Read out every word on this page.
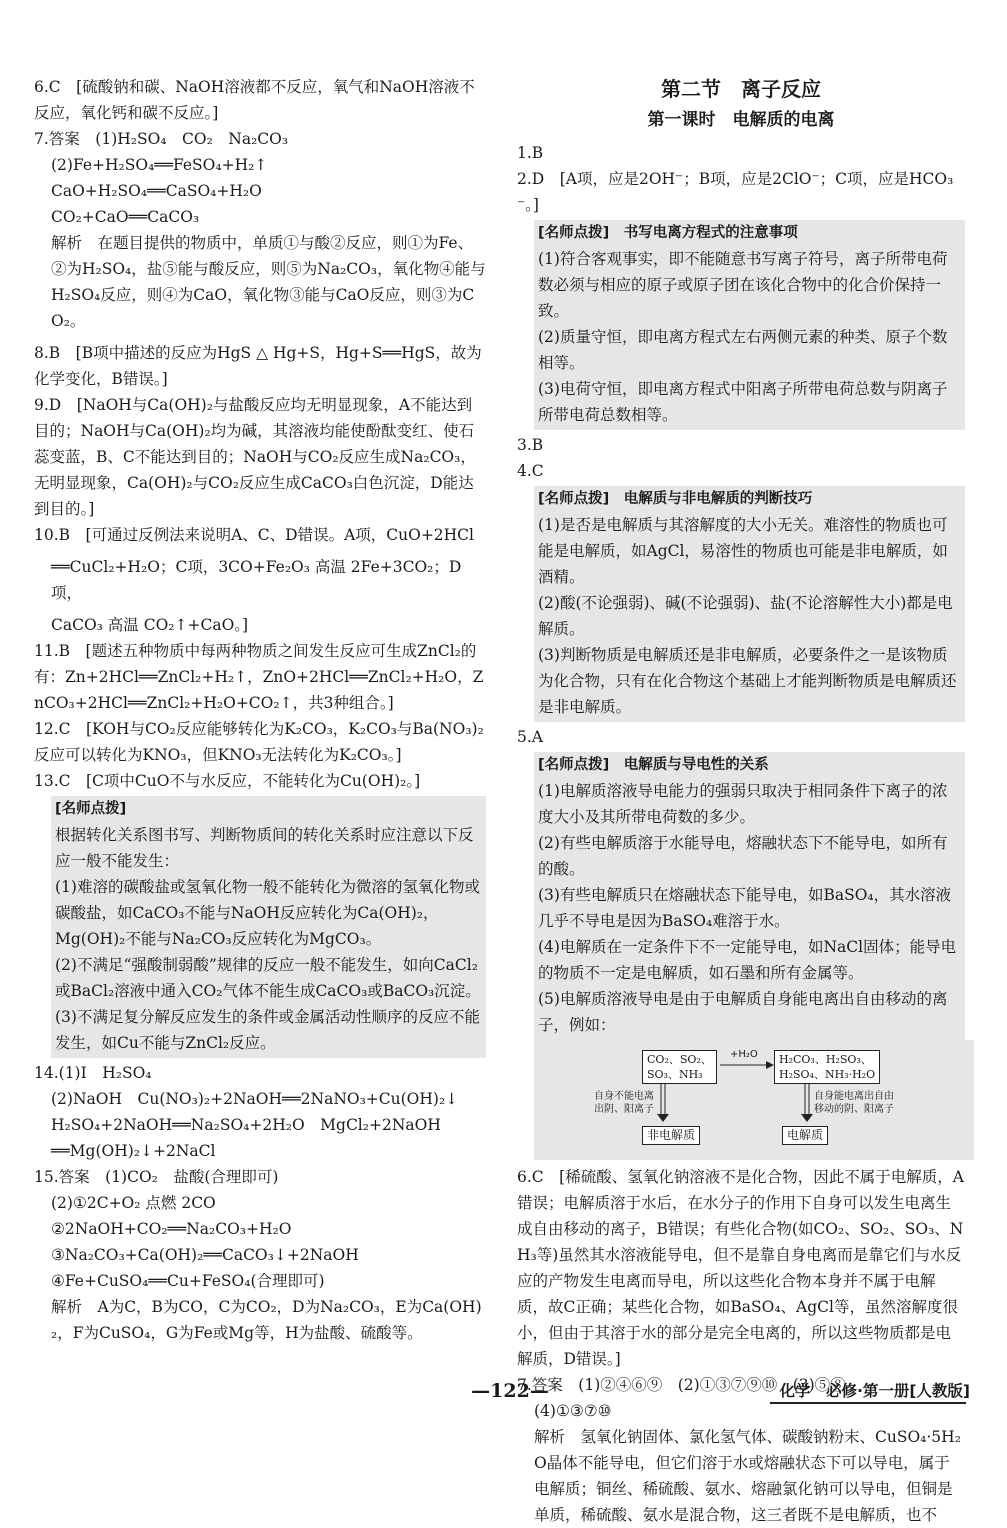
6.C　[硫酸钠和碳、NaOH溶液都不反应，氧气和NaOH溶液不反应，氧化钙和碳不反应。]

7.答案　(1)H₂SO₄　CO₂　Na₂CO₃

(2)Fe+H₂SO₄══FeSO₄+H₂↑

CaO+H₂SO₄══CaSO₄+H₂O

CO₂+CaO══CaCO₃

解析　在题目提供的物质中，单质①与酸②反应，则①为Fe、②为H₂SO₄，盐⑤能与酸反应，则⑤为Na₂CO₃，氧化物④能与H₂SO₄反应，则④为CaO，氧化物③能与CaO反应，则③为CO₂。

8.B　[B项中描述的反应为HgS △ Hg+S，Hg+S══HgS，故为化学变化，B错误。]

9.D　[NaOH与Ca(OH)₂与盐酸反应均无明显现象，A不能达到目的；NaOH与Ca(OH)₂均为碱，其溶液均能使酚酞变红、使石蕊变蓝，B、C不能达到目的；NaOH与CO₂反应生成Na₂CO₃，无明显现象，Ca(OH)₂与CO₂反应生成CaCO₃白色沉淀，D能达到目的。]

10.B　[可通过反例法来说明A、C、D错误。A项，CuO+2HCl

══CuCl₂+H₂O；C项，3CO+Fe₂O₃ 高温 2Fe+3CO₂；D项，

CaCO₃ 高温 CO₂↑+CaO。]

11.B　[题述五种物质中每两种物质之间发生反应可生成ZnCl₂的有：Zn+2HCl══ZnCl₂+H₂↑，ZnO+2HCl══ZnCl₂+H₂O，ZnCO₃+2HCl══ZnCl₂+H₂O+CO₂↑，共3种组合。]

12.C　[KOH与CO₂反应能够转化为K₂CO₃，K₂CO₃与Ba(NO₃)₂反应可以转化为KNO₃，但KNO₃无法转化为K₂CO₃。]

13.C　[C项中CuO不与水反应，不能转化为Cu(OH)₂。]

[名师点拨]
根据转化关系图书写、判断物质间的转化关系时应注意以下反应一般不能发生：
(1)难溶的碳酸盐或氢氧化物一般不能转化为微溶的氢氧化物或碳酸盐，如CaCO₃不能与NaOH反应转化为Ca(OH)₂，Mg(OH)₂不能与Na₂CO₃反应转化为MgCO₃。
(2)不满足“强酸制弱酸”规律的反应一般不能发生，如向CaCl₂或BaCl₂溶液中通入CO₂气体不能生成CaCO₃或BaCO₃沉淀。
(3)不满足复分解反应发生的条件或金属活动性顺序的反应不能发生，如Cu不能与ZnCl₂反应。

14.(1)Ⅰ　H₂SO₄

(2)NaOH　Cu(NO₃)₂+2NaOH══2NaNO₃+Cu(OH)₂↓

H₂SO₄+2NaOH══Na₂SO₄+2H₂O　MgCl₂+2NaOH

══Mg(OH)₂↓+2NaCl

15.答案　(1)CO₂　盐酸(合理即可)

(2)①2C+O₂ 点燃 2CO

②2NaOH+CO₂══Na₂CO₃+H₂O

③Na₂CO₃+Ca(OH)₂══CaCO₃↓+2NaOH

④Fe+CuSO₄══Cu+FeSO₄(合理即可)

解析　A为C，B为CO，C为CO₂，D为Na₂CO₃，E为Ca(OH)₂，F为CuSO₄，G为Fe或Mg等，H为盐酸、硫酸等。

第二节　离子反应
第一课时　电解质的电离

1.B

2.D　[A项，应是2OH⁻；B项，应是2ClO⁻；C项，应是HCO₃⁻。]

[名师点拨]　书写电离方程式的注意事项
(1)符合客观事实，即不能随意书写离子符号，离子所带电荷数必须与相应的原子或原子团在该化合物中的化合价保持一致。
(2)质量守恒，即电离方程式左右两侧元素的种类、原子个数相等。
(3)电荷守恒，即电离方程式中阳离子所带电荷总数与阴离子所带电荷总数相等。

3.B

4.C

[名师点拨]　电解质与非电解质的判断技巧
(1)是否是电解质与其溶解度的大小无关。难溶性的物质也可能是电解质，如AgCl，易溶性的物质也可能是非电解质，如酒精。
(2)酸(不论强弱)、碱(不论强弱)、盐(不论溶解性大小)都是电解质。
(3)判断物质是电解质还是非电解质，必要条件之一是该物质为化合物，只有在化合物这个基础上才能判断物质是电解质还是非电解质。

5.A

[名师点拨]　电解质与导电性的关系
(1)电解质溶液导电能力的强弱只取决于相同条件下离子的浓度大小及其所带电荷数的多少。
(2)有些电解质溶于水能导电，熔融状态下不能导电，如所有的酸。
(3)有些电解质只在熔融状态下能导电，如BaSO₄，其水溶液几乎不导电是因为BaSO₄难溶于水。
(4)电解质在一定条件下不一定能导电，如NaCl固体；能导电的物质不一定是电解质，如石墨和所有金属等。
(5)电解质溶液导电是由于电解质自身能电离出自由移动的离子，例如：
CO₂、SO₂、
SO₃、NH₃
+H₂O H₂CO₃、H₂SO₃、
H₂SO₄、NH₃·H₂O
自身不能电离
出阴、阳离子
自身能电离出自由
移动的阴、阳离子
非电解质	电解质

6.C　[稀硫酸、氢氧化钠溶液不是化合物，因此不属于电解质，A错误；电解质溶于水后，在水分子的作用下自身可以发生电离生成自由移动的离子，B错误；有些化合物(如CO₂、SO₂、SO₃、NH₃等)虽然其水溶液能导电，但不是靠自身电离而是靠它们与水反应的产物发生电离而导电，所以这些化合物本身并不属于电解质，故C正确；某些化合物，如BaSO₄、AgCl等，虽然溶解度很小，但由于其溶于水的部分是完全电离的，所以这些物质都是电解质，D错误。]

7.答案　(1)②④⑥⑨　(2)①③⑦⑨⑩　(3)⑤⑧

(4)①③⑦⑩

解析　氢氧化钠固体、氯化氢气体、碳酸钠粉末、CuSO₄·5H₂O晶体不能导电，但它们溶于水或熔融状态下可以导电，属于电解质；铜丝、稀硫酸、氨水、熔融氯化钠可以导电，但铜是单质，稀硫酸、氨水是混合物，这三者既不是电解质，也不

—122—	化学　必修·第一册[人教版]
